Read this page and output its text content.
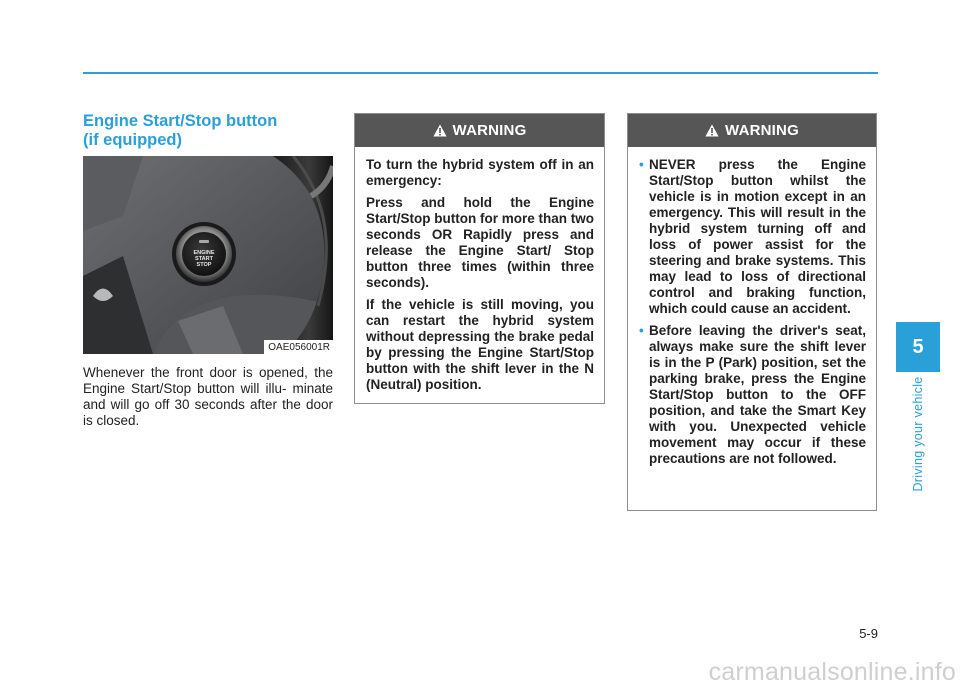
Engine Start/Stop button
(if equipped)
ENGINE
START
STOP
OAE056001R
Whenever the front door is opened, the Engine Start/Stop button will illu- minate and will go off 30 seconds after the door is closed.
WARNING

To turn the hybrid system off in an emergency:

Press and hold the Engine Start/Stop button for more than two seconds OR Rapidly press and release the Engine Start/ Stop button three times (within three seconds).

If the vehicle is still moving, you can restart the hybrid system without depressing the brake pedal by pressing the Engine Start/Stop button with the shift lever in the N (Neutral) position.

WARNING
• NEVER press the Engine Start/Stop button whilst the vehicle is in motion except in an emergency. This will result in the hybrid system turning off and loss of power assist for the steering and brake systems. This may lead to loss of directional control and braking function, which could cause an accident.
• Before leaving the driver's seat, always make sure the shift lever is in the P (Park) position, set the parking brake, press the Engine Start/Stop button to the OFF position, and take the Smart Key with you. Unexpected vehicle movement may occur if these precautions are not followed.
5
Driving your vehicle
5-9
carmanualsonline.info
